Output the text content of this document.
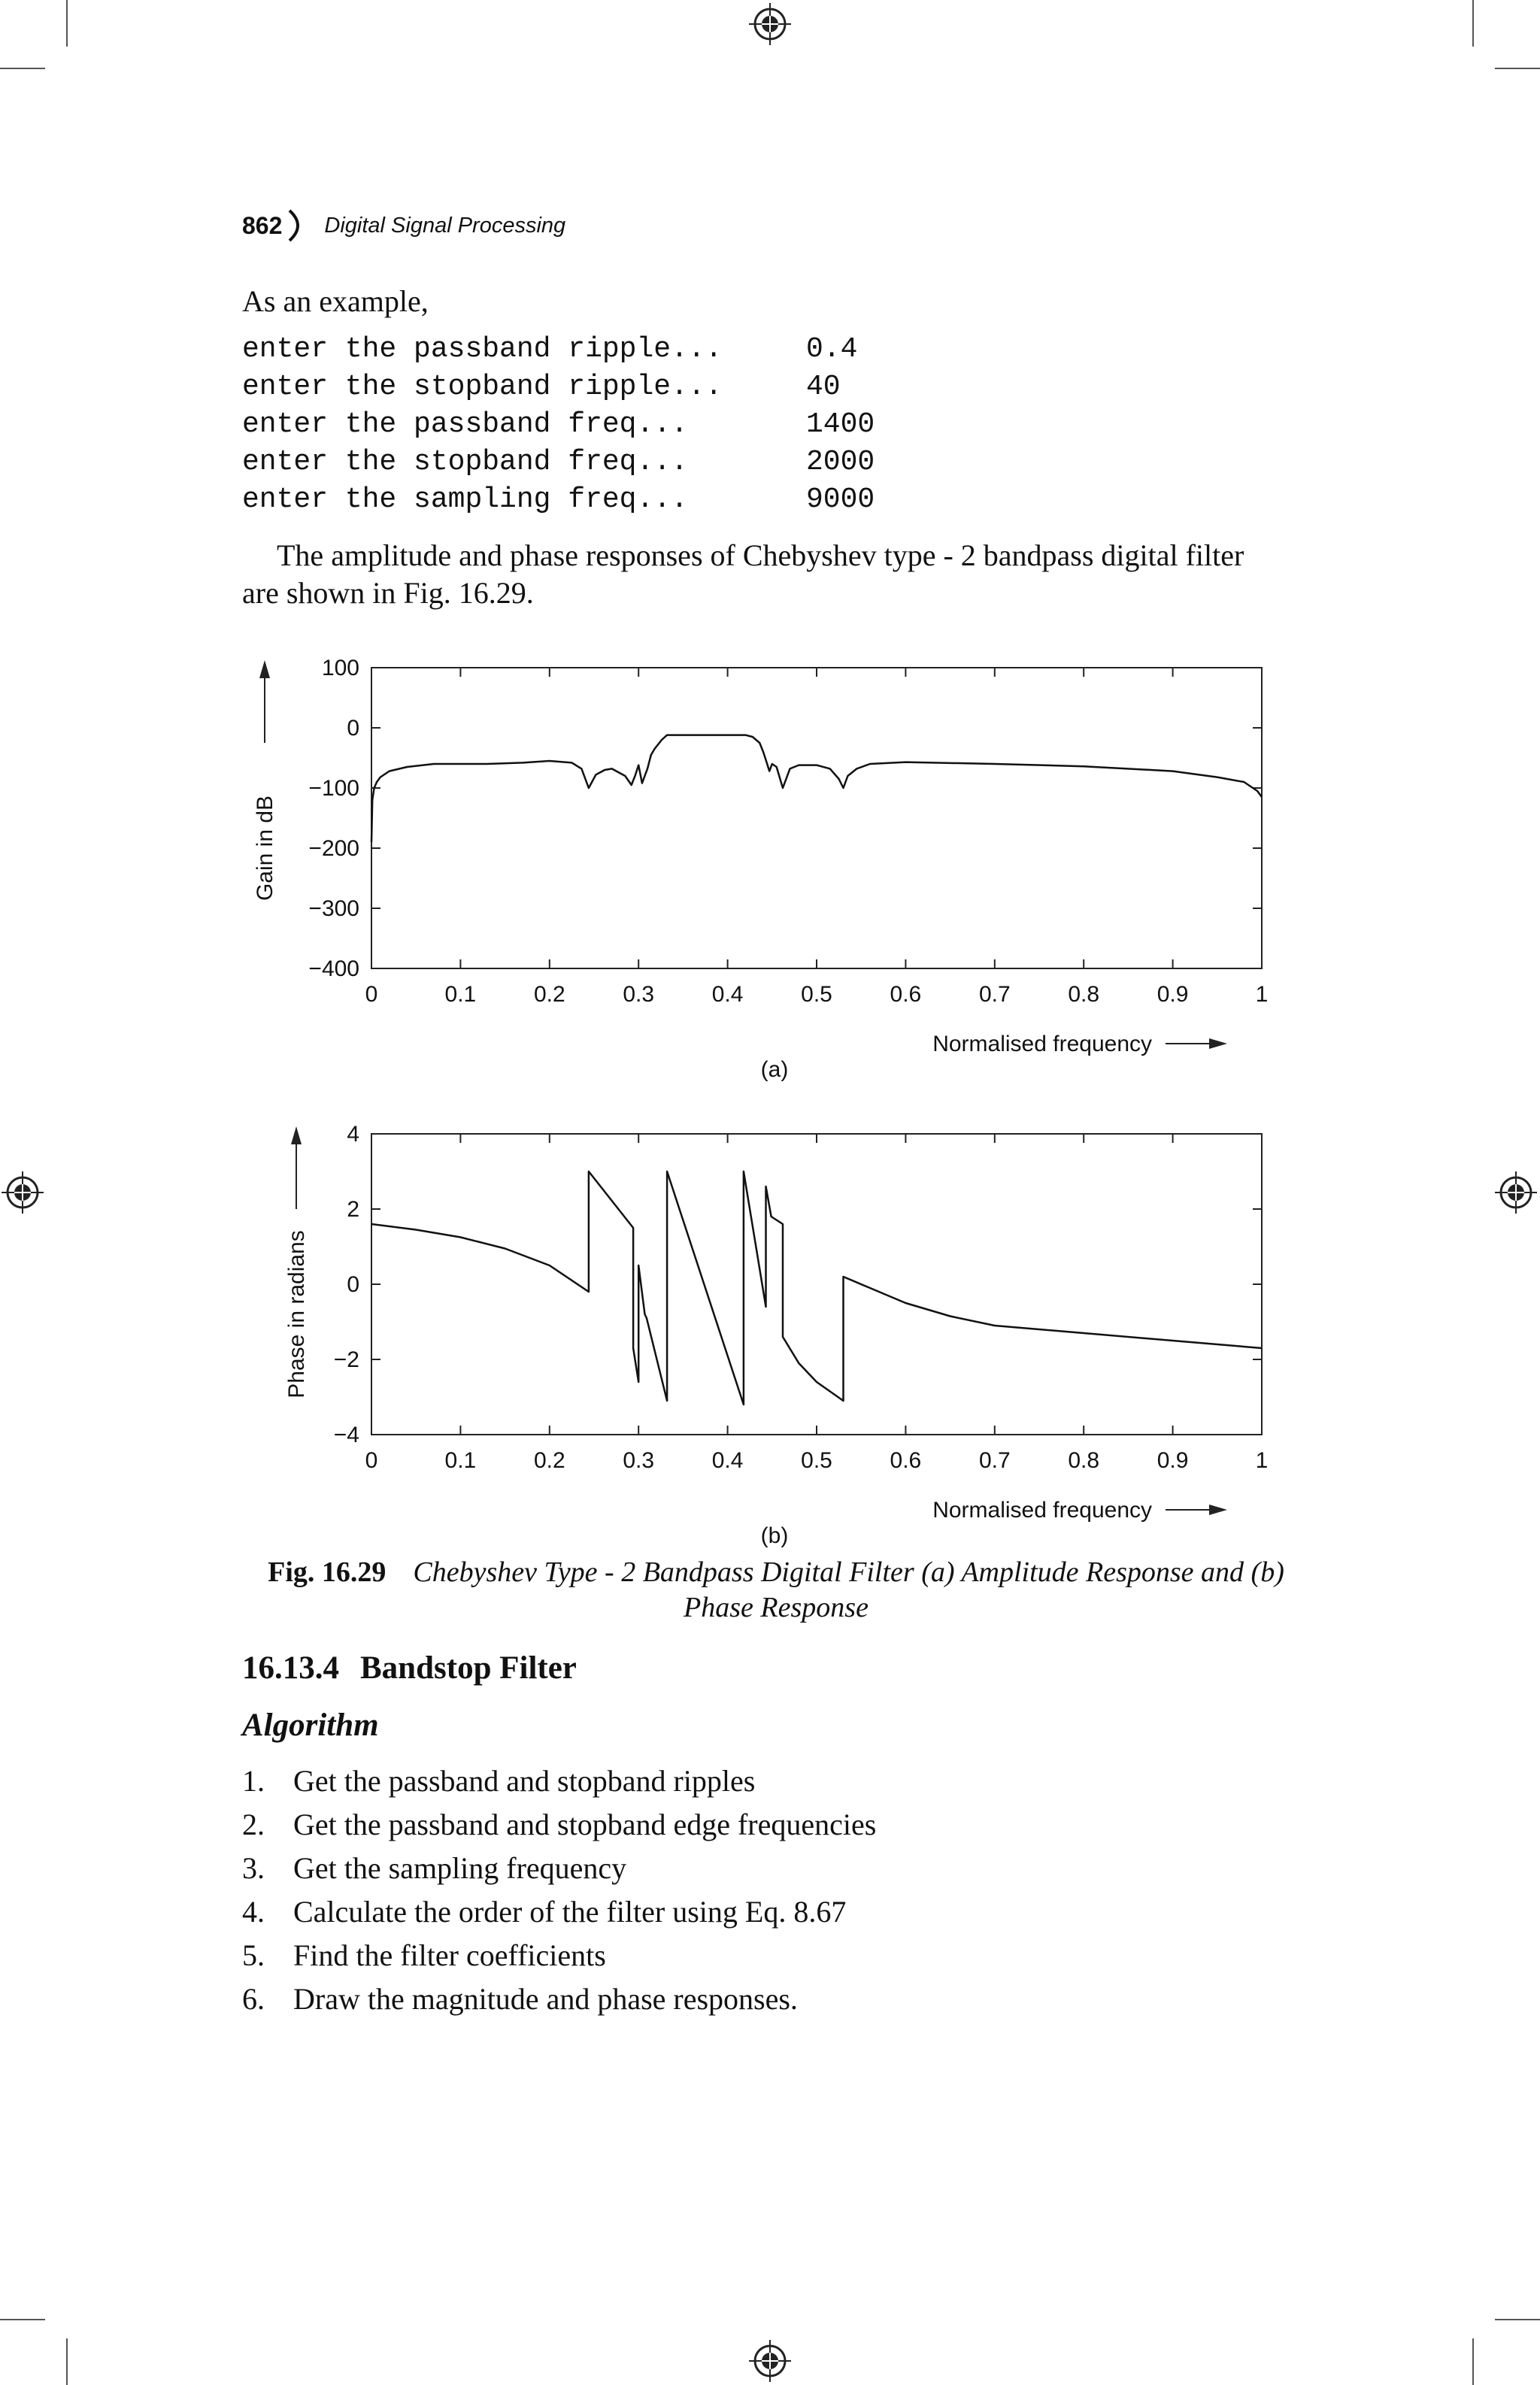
862 Digital Signal Processing
As an example,
enter the passband ripple...	0.4
enter the stopband ripple...	40
enter the passband freq...	1400
enter the stopband freq...	2000
enter the sampling freq...	9000
The amplitude and phase responses of Chebyshev type - 2 bandpass digital filter
are shown in Fig. 16.29.
0	0.1	0.2	0.3	0.4	0.5	0.6	0.7	0.8	0.9	1
100
0
−100
−200
−300
−400
Gain in dB
Normalised frequency
(a)
0	0.1	0.2	0.3	0.4	0.5	0.6	0.7	0.8	0.9	1
4
2
0
−2
−4
Phase in radians
Normalised frequency
(b)
Fig. 16.29 Chebyshev Type - 2 Bandpass Digital Filter (a) Amplitude Response and (b) Phase Response
16.13.4 Bandstop Filter
Algorithm
1. Get the passband and stopband ripples
2. Get the passband and stopband edge frequencies
3. Get the sampling frequency
4. Calculate the order of the filter using Eq. 8.67
5. Find the filter coefficients
6. Draw the magnitude and phase responses.
